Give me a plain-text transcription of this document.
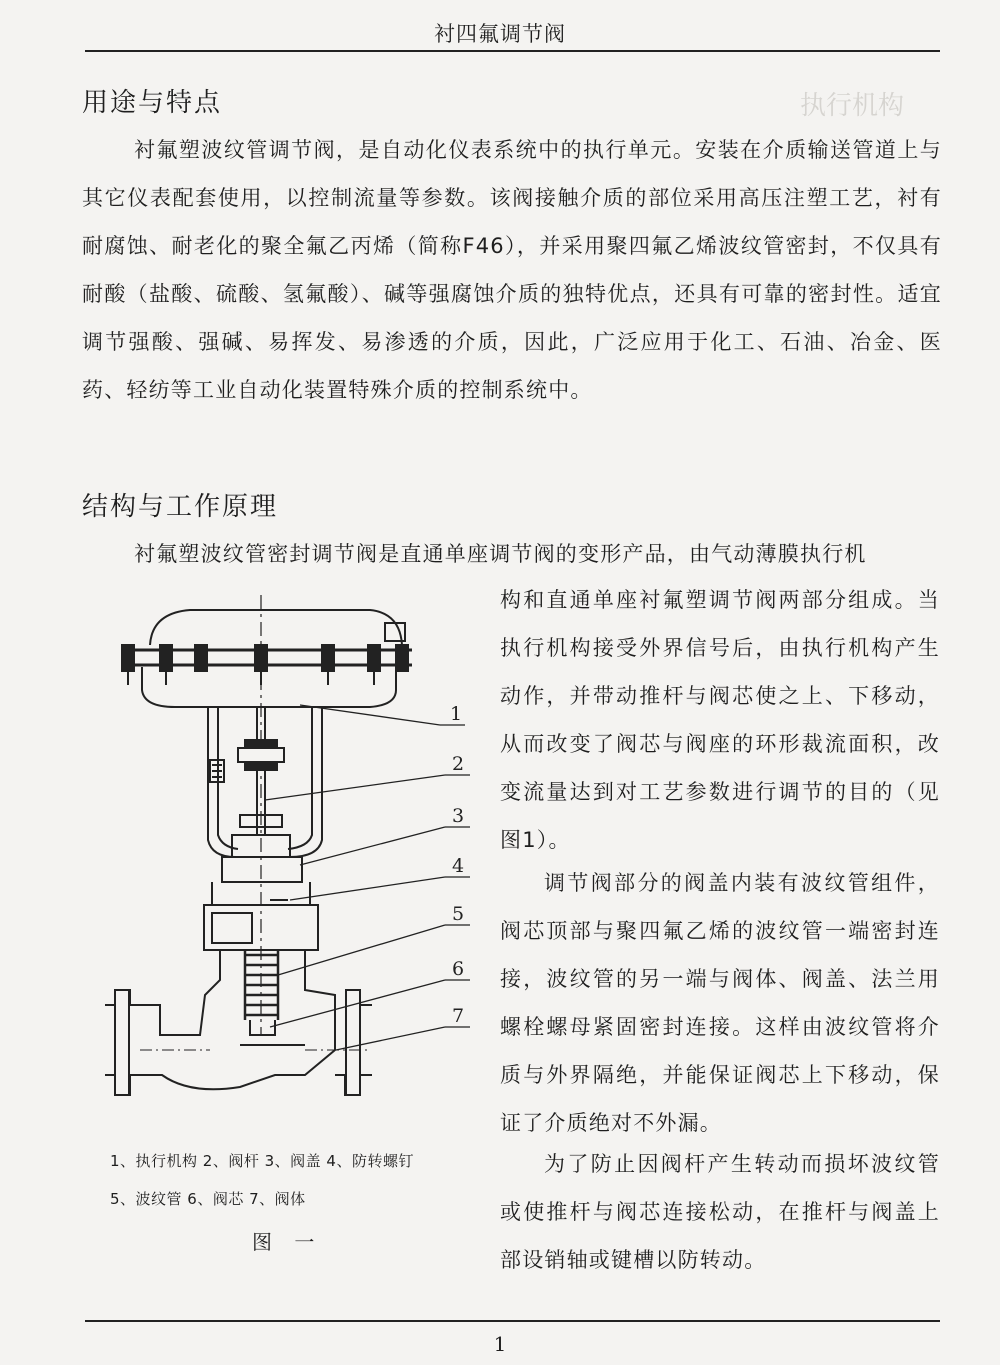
执行机构
衬四氟调节阀
用途与特点
衬氟塑波纹管调节阀，是自动化仪表系统中的执行单元。安装在介质输送管道上与其它仪表配套使用，以控制流量等参数。该阀接触介质的部位采用高压注塑工艺，衬有耐腐蚀、耐老化的聚全氟乙丙烯（简称F46），并采用聚四氟乙烯波纹管密封，不仅具有耐酸（盐酸、硫酸、氢氟酸）、碱等强腐蚀介质的独特优点，还具有可靠的密封性。适宜调节强酸、强碱、易挥发、易渗透的介质，因此，广泛应用于化工、石油、冶金、医药、轻纺等工业自动化装置特殊介质的控制系统中。
结构与工作原理
衬氟塑波纹管密封调节阀是直通单座调节阀的变形产品，由气动薄膜执行机
构和直通单座衬氟塑调节阀两部分组成。当执行机构接受外界信号后，由执行机构产生动作，并带动推杆与阀芯使之上、下移动，从而改变了阀芯与阀座的环形裁流面积，改变流量达到对工艺参数进行调节的目的（见图1）。
调节阀部分的阀盖内装有波纹管组件，阀芯顶部与聚四氟乙烯的波纹管一端密封连接，波纹管的另一端与阀体、阀盖、法兰用螺栓螺母紧固密封连接。这样由波纹管将介质与外界隔绝，并能保证阀芯上下移动，保证了介质绝对不外漏。
为了防止因阀杆产生转动而损坏波纹管或使推杆与阀芯连接松动，在推杆与阀盖上部设销轴或键槽以防转动。
1
2
3
4
5
6
7
1、执行机构 2、阀杆 3、阀盖 4、防转螺钉
5、波纹管 6、阀芯 7、阀体
图 一
1
